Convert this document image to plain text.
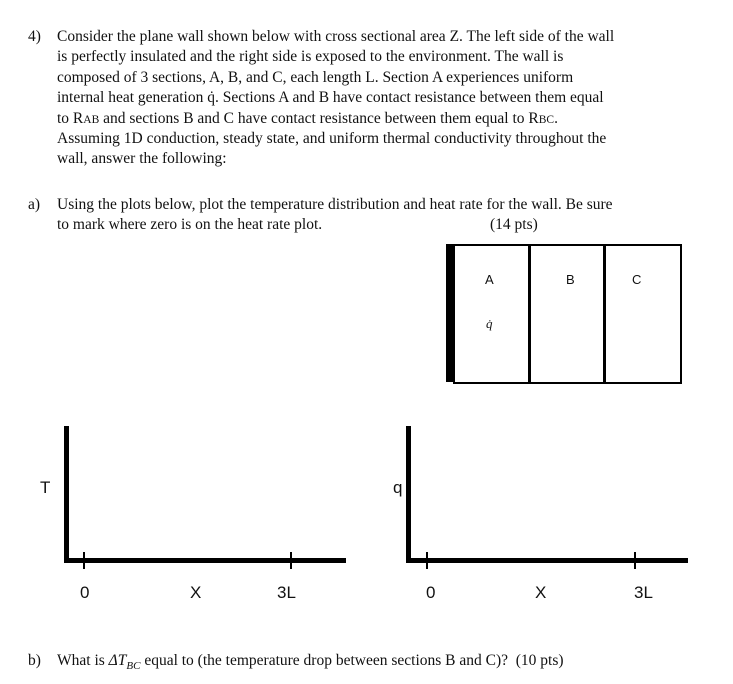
4) Consider the plane wall shown below with cross sectional area Z. The left side of the wall
is perfectly insulated and the right side is exposed to the environment. The wall is
composed of 3 sections, A, B, and C, each length L. Section A experiences uniform
internal heat generation q̇. Sections A and B have contact resistance between them equal
to RAB and sections B and C have contact resistance between them equal to RBC.
Assuming 1D conduction, steady state, and uniform thermal conductivity throughout the
wall, answer the following:
a) Using the plots below, plot the temperature distribution and heat rate for the wall. Be sure
to mark where zero is on the heat rate plot.	(14 pts)
A	B	C
q̇
T
0	X	3L
q
0	X	3L
b) What is $\Delta T_{BC}$ equal to (the temperature drop between sections B and C)? (10 pts)
